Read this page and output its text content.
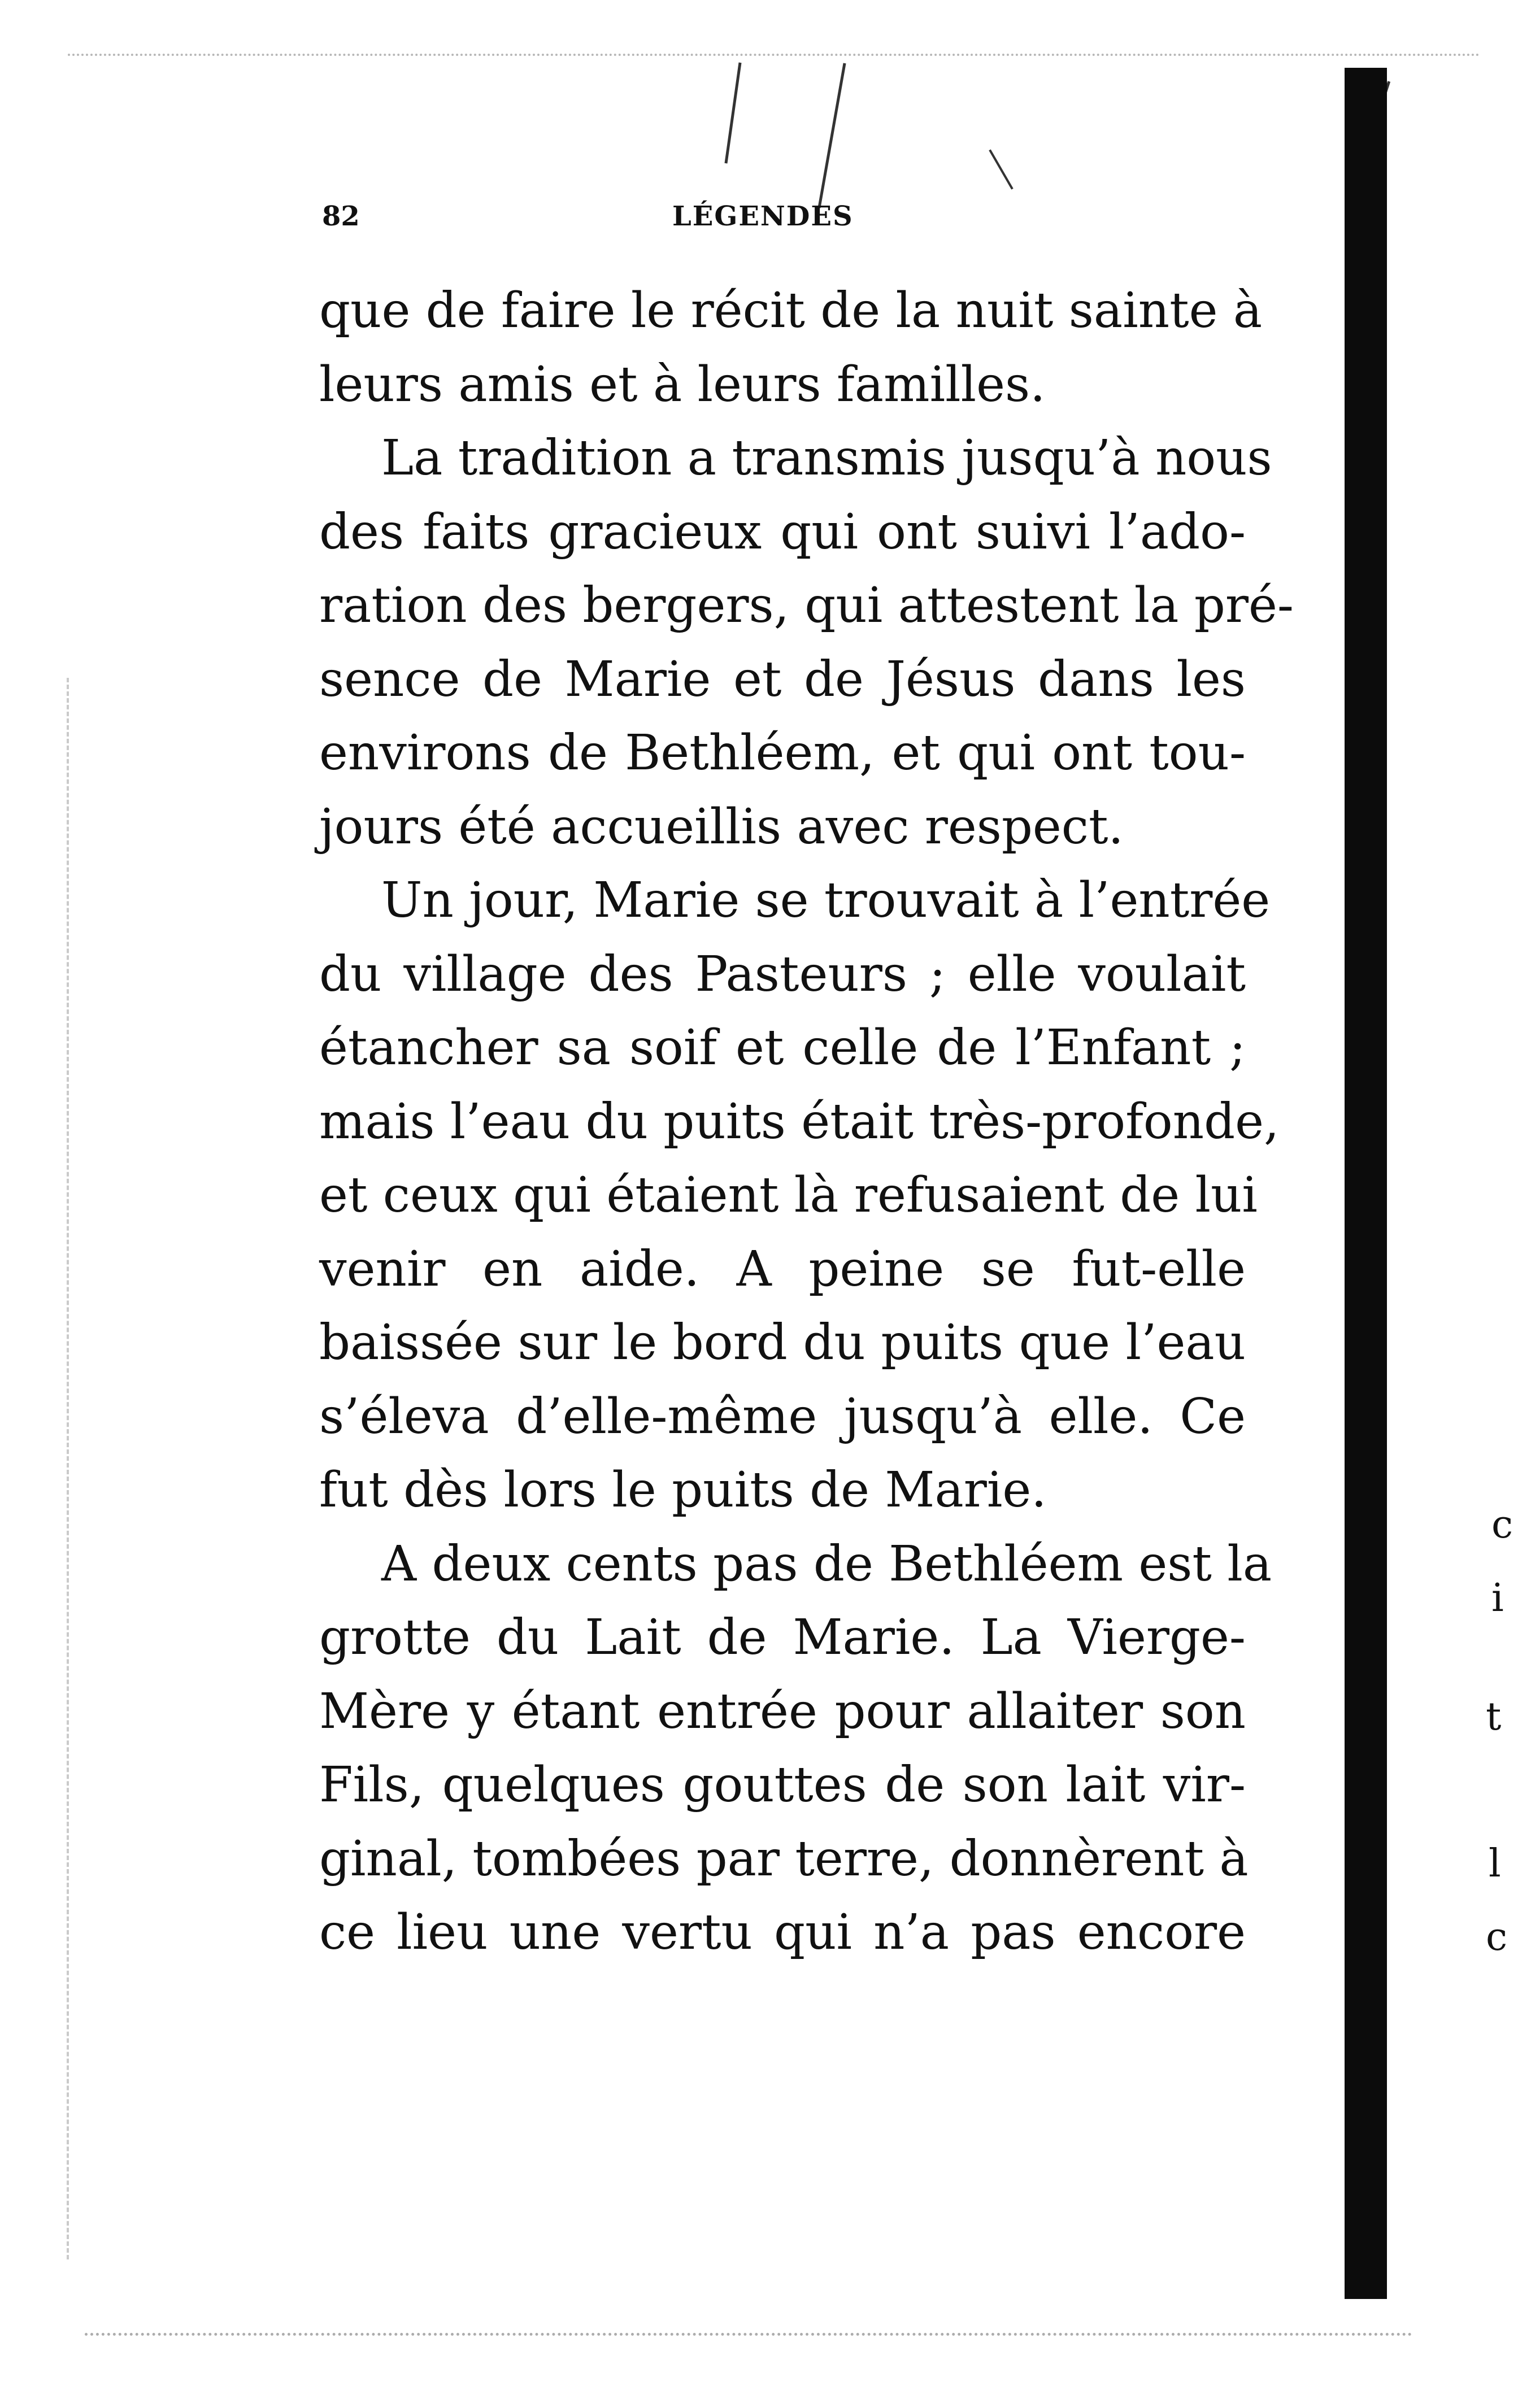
82	LÉGENDES
que de faire le récit de la nuit sainte à
leurs amis et à leurs familles.
La tradition a transmis jusqu’à nous
des faits gracieux qui ont suivi l’ado-
ration des bergers, qui attestent la pré-
sence de Marie et de Jésus dans les
environs de Bethléem, et qui ont tou-
jours été accueillis avec respect.
Un jour, Marie se trouvait à l’entrée
du village des Pasteurs ; elle voulait
étancher sa soif et celle de l’Enfant ;
mais l’eau du puits était très-profonde,
et ceux qui étaient là refusaient de lui
venir en aide. A peine se fut-elle
baissée sur le bord du puits que l’eau
s’éleva d’elle-même jusqu’à elle. Ce
fut dès lors le puits de Marie.
A deux cents pas de Bethléem est la
grotte du Lait de Marie. La Vierge-
Mère y étant entrée pour allaiter son
Fils, quelques gouttes de son lait vir-
ginal, tombées par terre, donnèrent à
ce lieu une vertu qui n’a pas encore
c
i
t
l
c
